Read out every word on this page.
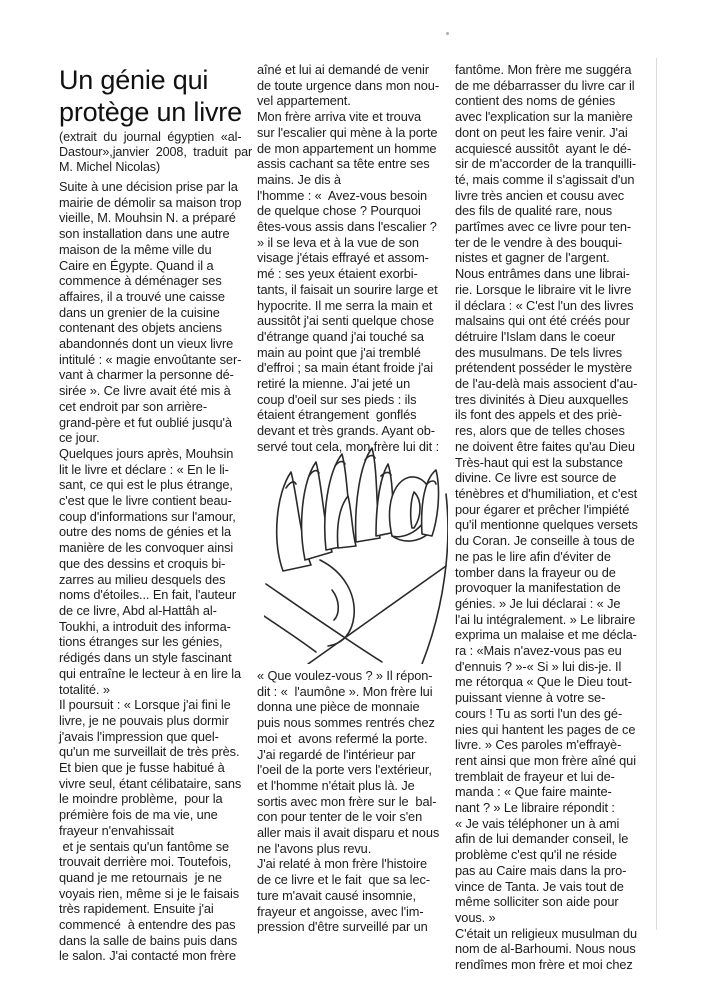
Un génie qui
protège un livre
(extrait du journal égyptien «al-
Dastour»,janvier 2008, traduit par
M. Michel Nicolas)
Suite à une décision prise par la
mairie de démolir sa maison trop
vieille, M. Mouhsin N. a préparé
son installation dans une autre
maison de la même ville du
Caire en Égypte. Quand il a
commence à déménager ses
affaires, il a trouvé une caisse
dans un grenier de la cuisine
contenant des objets anciens
abandonnés dont un vieux livre
intitulé : « magie envoûtante ser-
vant à charmer la personne dé-
sirée ». Ce livre avait été mis à
cet endroit par son arrière-
grand-père et fut oublié jusqu'à
ce jour.
Quelques jours après, Mouhsin
lit le livre et déclare : « En le li-
sant, ce qui est le plus étrange,
c'est que le livre contient beau-
coup d'informations sur l'amour,
outre des noms de génies et la
manière de les convoquer ainsi
que des dessins et croquis bi-
zarres au milieu desquels des
noms d'étoiles... En fait, l'auteur
de ce livre, Abd al-Hattâh al-
Toukhi, a introduit des informa-
tions étranges sur les génies,
rédigés dans un style fascinant
qui entraîne le lecteur à en lire la
totalité. »
Il poursuit : « Lorsque j'ai fini le
livre, je ne pouvais plus dormir
j'avais l'impression que quel-
qu'un me surveillait de très près.
Et bien que je fusse habitué à
vivre seul, étant célibataire, sans
le moindre problème,  pour la
prémière fois de ma vie, une
frayeur n'envahissait
et je sentais qu'un fantôme se
trouvait derrière moi. Toutefois,
quand je me retournais  je ne
voyais rien, même si je le faisais
très rapidement. Ensuite j'ai
commencé  à entendre des pas
dans la salle de bains puis dans
le salon. J'ai contacté mon frère
aîné et lui ai demandé de venir
de toute urgence dans mon nou-
vel appartement.
Mon frère arriva vite et trouva
sur l'escalier qui mène à la porte
de mon appartement un homme
assis cachant sa tête entre ses
mains. Je dis à
l'homme : «  Avez-vous besoin
de quelque chose ? Pourquoi
êtes-vous assis dans l'escalier ?
» il se leva et à la vue de son
visage j'étais effrayé et assom-
mé : ses yeux étaient exorbi-
tants, il faisait un sourire large et
hypocrite. Il me serra la main et
aussitôt j'ai senti quelque chose
d'étrange quand j'ai touché sa
main au point que j'ai tremblé
d'effroi ; sa main étant froide j'ai
retiré la mienne. J'ai jeté un
coup d'oeil sur ses pieds : ils
étaient étrangement  gonflés
devant et très grands. Ayant ob-
servé tout cela, mon frère lui dit :
« Que voulez-vous ? » Il répon-
dit : «  l'aumône ». Mon frère lui
donna une pièce de monnaie
puis nous sommes rentrés chez
moi et  avons refermé la porte.
J'ai regardé de l'intérieur par
l'oeil de la porte vers l'extérieur,
et l'homme n'était plus là. Je
sortis avec mon frère sur le  bal-
con pour tenter de le voir s'en
aller mais il avait disparu et nous
ne l'avons plus revu.
J'ai relaté à mon frère l'histoire
de ce livre et le fait  que sa lec-
ture m'avait causé insomnie,
frayeur et angoisse, avec l'im-
pression d'être surveillé par un
fantôme. Mon frère me suggéra
de me débarrasser du livre car il
contient des noms de génies
avec l'explication sur la manière
dont on peut les faire venir. J'ai
acquiescé aussitôt  ayant le dé-
sir de m'accorder de la tranquilli-
té, mais comme il s'agissait d'un
livre très ancien et cousu avec
des fils de qualité rare, nous
partîmes avec ce livre pour ten-
ter de le vendre à des bouqui-
nistes et gagner de l'argent.
Nous entrâmes dans une librai-
rie. Lorsque le libraire vit le livre
il déclara : « C'est l'un des livres
malsains qui ont été créés pour
détruire l'Islam dans le coeur
des musulmans. De tels livres
prétendent posséder le mystère
de l'au-delà mais associent d'au-
tres divinités à Dieu auxquelles
ils font des appels et des priè-
res, alors que de telles choses
ne doivent être faites qu'au Dieu
Très-haut qui est la substance
divine. Ce livre est source de
ténèbres et d'humiliation, et c'est
pour égarer et prêcher l'impiété
qu'il mentionne quelques versets
du Coran. Je conseille à tous de
ne pas le lire afin d'éviter de
tomber dans la frayeur ou de
provoquer la manifestation de
génies. » Je lui déclarai : « Je
l'ai lu intégralement. » Le libraire
exprima un malaise et me décla-
ra : «Mais n'avez-vous pas eu
d'ennuis ? »-« Si » lui dis-je. Il
me rétorqua « Que le Dieu tout-
puissant vienne à votre se-
cours ! Tu as sorti l'un des gé-
nies qui hantent les pages de ce
livre. » Ces paroles m'effrayè-
rent ainsi que mon frère aîné qui
tremblait de frayeur et lui de-
manda : « Que faire mainte-
nant ? » Le libraire répondit :
« Je vais téléphoner un à ami
afin de lui demander conseil, le
problème c'est qu'il ne réside
pas au Caire mais dans la pro-
vince de Tanta. Je vais tout de
même solliciter son aide pour
vous. »
C'était un religieux musulman du
nom de al-Barhoumi. Nous nous
rendîmes mon frère et moi chez
